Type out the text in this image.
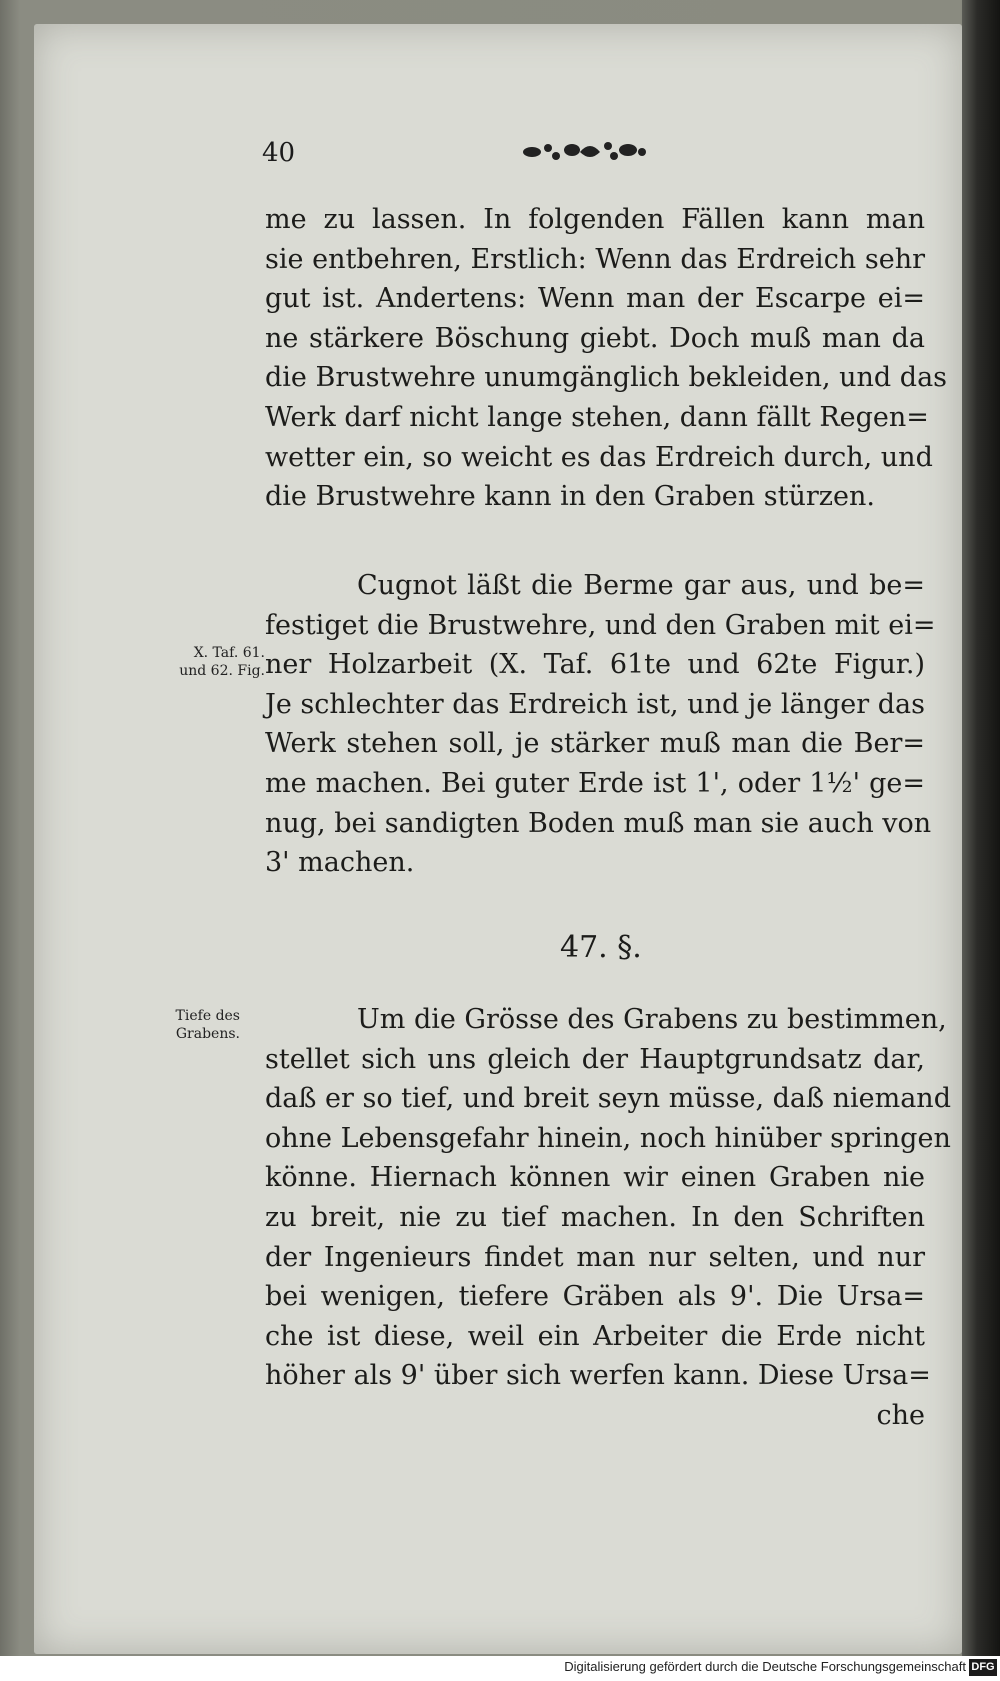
40
me zu lassen. In folgenden Fällen kann man
sie entbehren, Erstlich: Wenn das Erdreich sehr
gut ist. Andertens: Wenn man der Escarpe ei=
ne stärkere Böschung giebt. Doch muß man da
die Brustwehre unumgänglich bekleiden, und das
Werk darf nicht lange stehen, dann fällt Regen=
wetter ein, so weicht es das Erdreich durch, und
die Brustwehre kann in den Graben stürzen.
Cugnot läßt die Berme gar aus, und be=
festiget die Brustwehre, und den Graben mit ei=
ner Holzarbeit (X. Taf. 61te und 62te Figur.)
Je schlechter das Erdreich ist, und je länger das
Werk stehen soll, je stärker muß man die Ber=
me machen. Bei guter Erde ist 1', oder 1½' ge=
nug, bei sandigten Boden muß man sie auch von
3' machen.
47. §.
Um die Grösse des Grabens zu bestimmen,
stellet sich uns gleich der Hauptgrundsatz dar,
daß er so tief, und breit seyn müsse, daß niemand
ohne Lebensgefahr hinein, noch hinüber springen
könne. Hiernach können wir einen Graben nie
zu breit, nie zu tief machen. In den Schriften
der Ingenieurs findet man nur selten, und nur
bei wenigen, tiefere Gräben als 9'. Die Ursa=
che ist diese, weil ein Arbeiter die Erde nicht
höher als 9' über sich werfen kann. Diese Ursa=
che
X. Taf. 61.
und 62. Fig.
Tiefe des
Grabens.
Digitalisierung gefördert durch die Deutsche Forschungsgemeinschaft DFG
